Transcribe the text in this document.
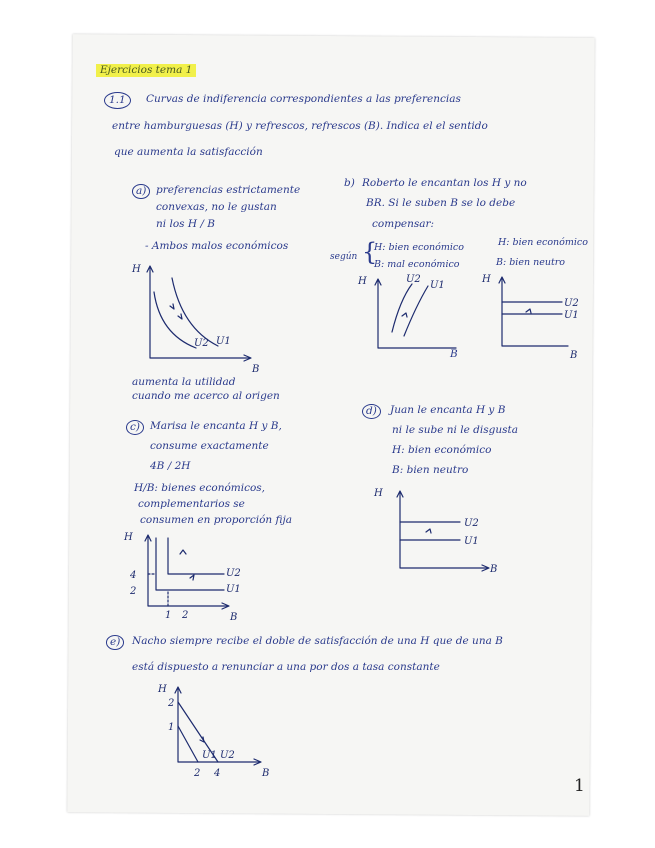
Ejercicios tema 1
1.1	Curvas de indiferencia correspondientes a las preferencias
entre hamburguesas (H) y refrescos, refrescos (B). Indica el el sentido
que aumenta la satisfacción
a) preferencias estrictamente
convexas, no le gustan
ni los H / B
- Ambos malos económicos
H
B
U2 U1
aumenta la utilidad
cuando me acerco al origen
b) Roberto le encantan los H y no
BR. Si le suben B se lo debe
compensar:
según {
H: bien económico
B: mal económico
H: bien económico
B: bien neutro
H	U2
U1
B
H
U2
U1
B
c) Marisa le encanta H y B,
consume exactamente
4B / 2H
H/B: bienes económicos,
complementarios se
consumen en proporción fija
H
4
2
1 2
U2
U1
B
d)	Juan le encanta H y B
ni le sube ni le disgusta
H: bien económico
B: bien neutro
H
U2
U1
B
e)	Nacho siempre recibe el doble de satisfacción de una H que de una B
está dispuesto a renunciar a una por dos a tasa constante
H
2
1
2 4
U1 U2
B
1
